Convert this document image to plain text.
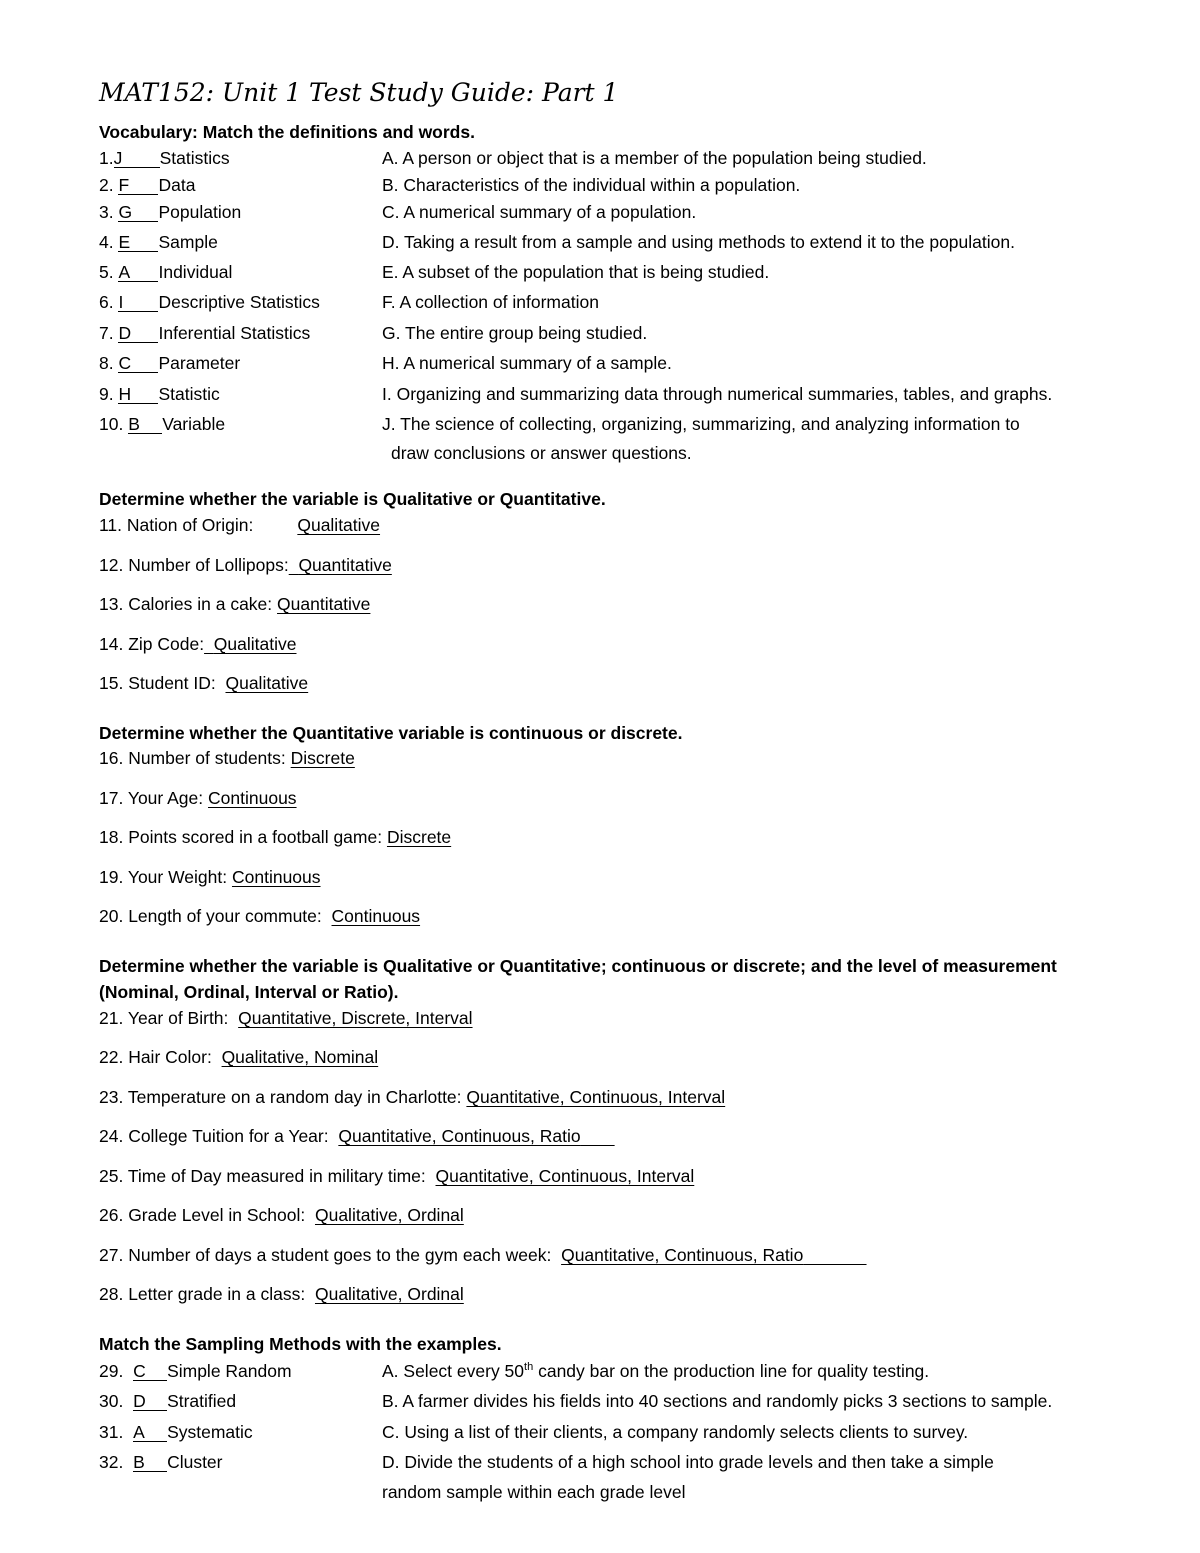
MAT152: Unit 1 Test Study Guide: Part 1
Vocabulary: Match the definitions and words.
1.J Statistics	A. A person or object that is a member of the population being studied.
2. F Data	B. Characteristics of the individual within a population.
3. G Population	C. A numerical summary of a population.
4. E Sample	D. Taking a result from a sample and using methods to extend it to the population.
5. A Individual	E. A subset of the population that is being studied.
6. I Descriptive Statistics	F. A collection of information
7. D Inferential Statistics	G. The entire group being studied.
8. C Parameter	H. A numerical summary of a sample.
9. H Statistic	I. Organizing and summarizing data through numerical summaries, tables, and graphs.
10. B Variable	J. The science of collecting, organizing, summarizing, and analyzing information to
draw conclusions or answer questions.
Determine whether the variable is Qualitative or Quantitative.
11. Nation of Origin:	Qualitative
12. Number of Lollipops: Quantitative
13. Calories in a cake: Quantitative
14. Zip Code: Qualitative
15. Student ID: Qualitative
Determine whether the Quantitative variable is continuous or discrete.
16. Number of students: Discrete
17. Your Age: Continuous
18. Points scored in a football game: Discrete
19. Your Weight: Continuous
20. Length of your commute: Continuous
Determine whether the variable is Qualitative or Quantitative; continuous or discrete; and the level of measurement
(Nominal, Ordinal, Interval or Ratio).
21. Year of Birth: Quantitative, Discrete, Interval
22. Hair Color: Qualitative, Nominal
23. Temperature on a random day in Charlotte: Quantitative, Continuous, Interval
24. College Tuition for a Year: Quantitative, Continuous, Ratio
25. Time of Day measured in military time: Quantitative, Continuous, Interval
26. Grade Level in School: Qualitative, Ordinal
27. Number of days a student goes to the gym each week: Quantitative, Continuous, Ratio
28. Letter grade in a class: Qualitative, Ordinal
Match the Sampling Methods with the examples.
29. C Simple Random	A. Select every 50th candy bar on the production line for quality testing.
30. D Stratified	B. A farmer divides his fields into 40 sections and randomly picks 3 sections to sample.
31. A Systematic	C. Using a list of their clients, a company randomly selects clients to survey.
32. B Cluster	D. Divide the students of a high school into grade levels and then take a simple
random sample within each grade level
